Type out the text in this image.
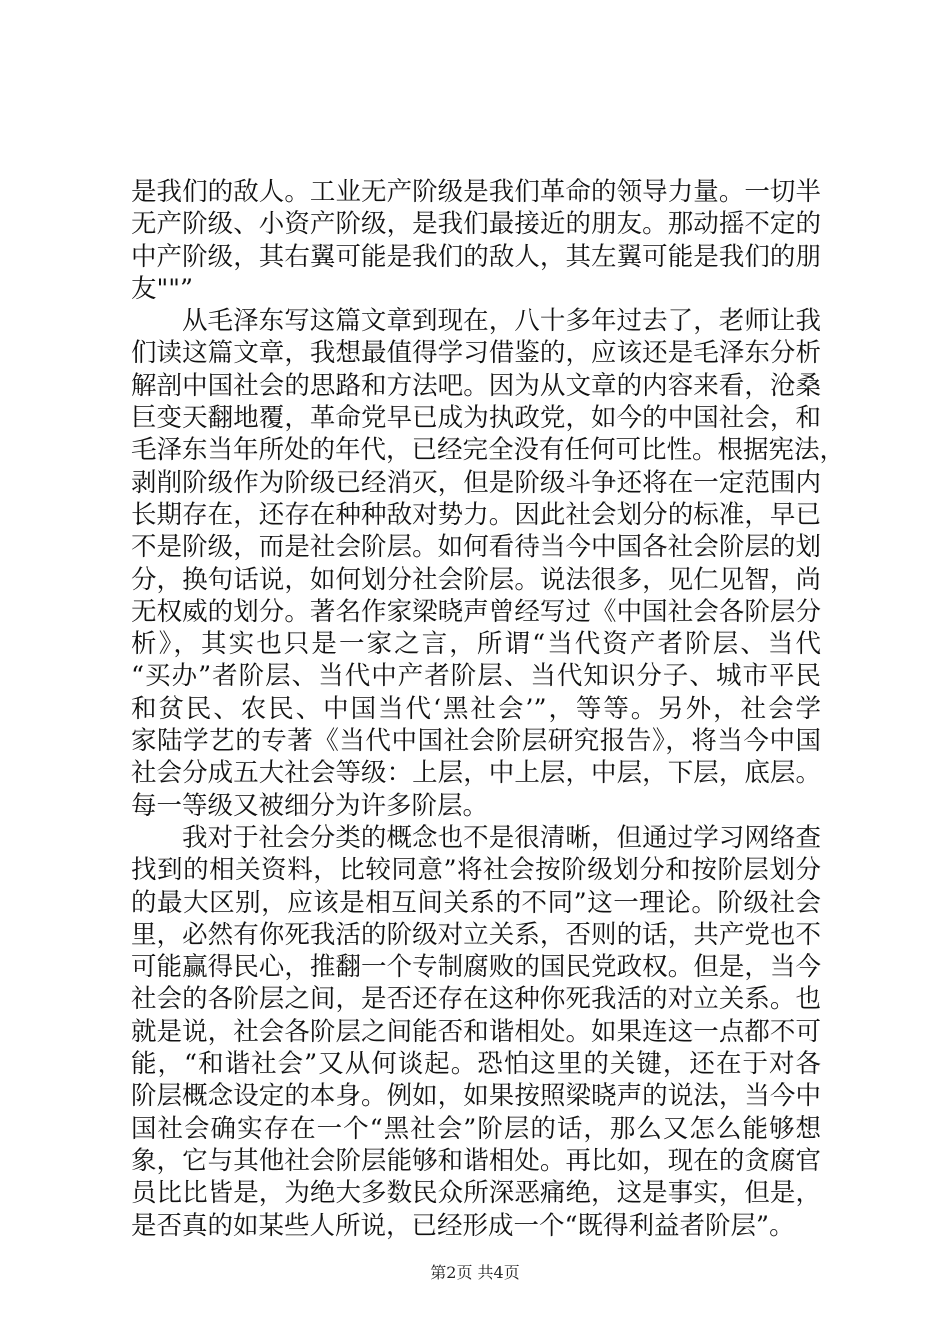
是我们的敌人。工业无产阶级是我们革命的领导力量。一切半
无产阶级、小资产阶级，是我们最接近的朋友。那动摇不定的
中产阶级，其右翼可能是我们的敌人，其左翼可能是我们的朋
友""”
从毛泽东写这篇文章到现在，八十多年过去了，老师让我
们读这篇文章，我想最值得学习借鉴的，应该还是毛泽东分析
解剖中国社会的思路和方法吧。因为从文章的内容来看，沧桑
巨变天翻地覆，革命党早已成为执政党，如今的中国社会，和
毛泽东当年所处的年代，已经完全没有任何可比性。根据宪法，
剥削阶级作为阶级已经消灭，但是阶级斗争还将在一定范围内
长期存在，还存在种种敌对势力。因此社会划分的标准，早已
不是阶级，而是社会阶层。如何看待当今中国各社会阶层的划
分，换句话说，如何划分社会阶层。说法很多，见仁见智，尚
无权威的划分。著名作家梁晓声曾经写过《中国社会各阶层分
析》，其实也只是一家之言，所谓“当代资产者阶层、当代
“买办”者阶层、当代中产者阶层、当代知识分子、城市平民
和贫民、农民、中国当代‘黑社会’”，等等。另外，社会学
家陆学艺的专著《当代中国社会阶层研究报告》，将当今中国
社会分成五大社会等级：上层，中上层，中层，下层，底层。
每一等级又被细分为许多阶层。
我对于社会分类的概念也不是很清晰，但通过学习网络查
找到的相关资料，比较同意”将社会按阶级划分和按阶层划分
的最大区别，应该是相互间关系的不同”这一理论。阶级社会
里，必然有你死我活的阶级对立关系，否则的话，共产党也不
可能赢得民心，推翻一个专制腐败的国民党政权。但是，当今
社会的各阶层之间，是否还存在这种你死我活的对立关系。也
就是说，社会各阶层之间能否和谐相处。如果连这一点都不可
能，“和谐社会”又从何谈起。恐怕这里的关键，还在于对各
阶层概念设定的本身。例如，如果按照梁晓声的说法，当今中
国社会确实存在一个“黑社会”阶层的话，那么又怎么能够想
象，它与其他社会阶层能够和谐相处。再比如，现在的贪腐官
员比比皆是，为绝大多数民众所深恶痛绝，这是事实，但是，
是否真的如某些人所说，已经形成一个“既得利益者阶层”。
第2页 共4页
